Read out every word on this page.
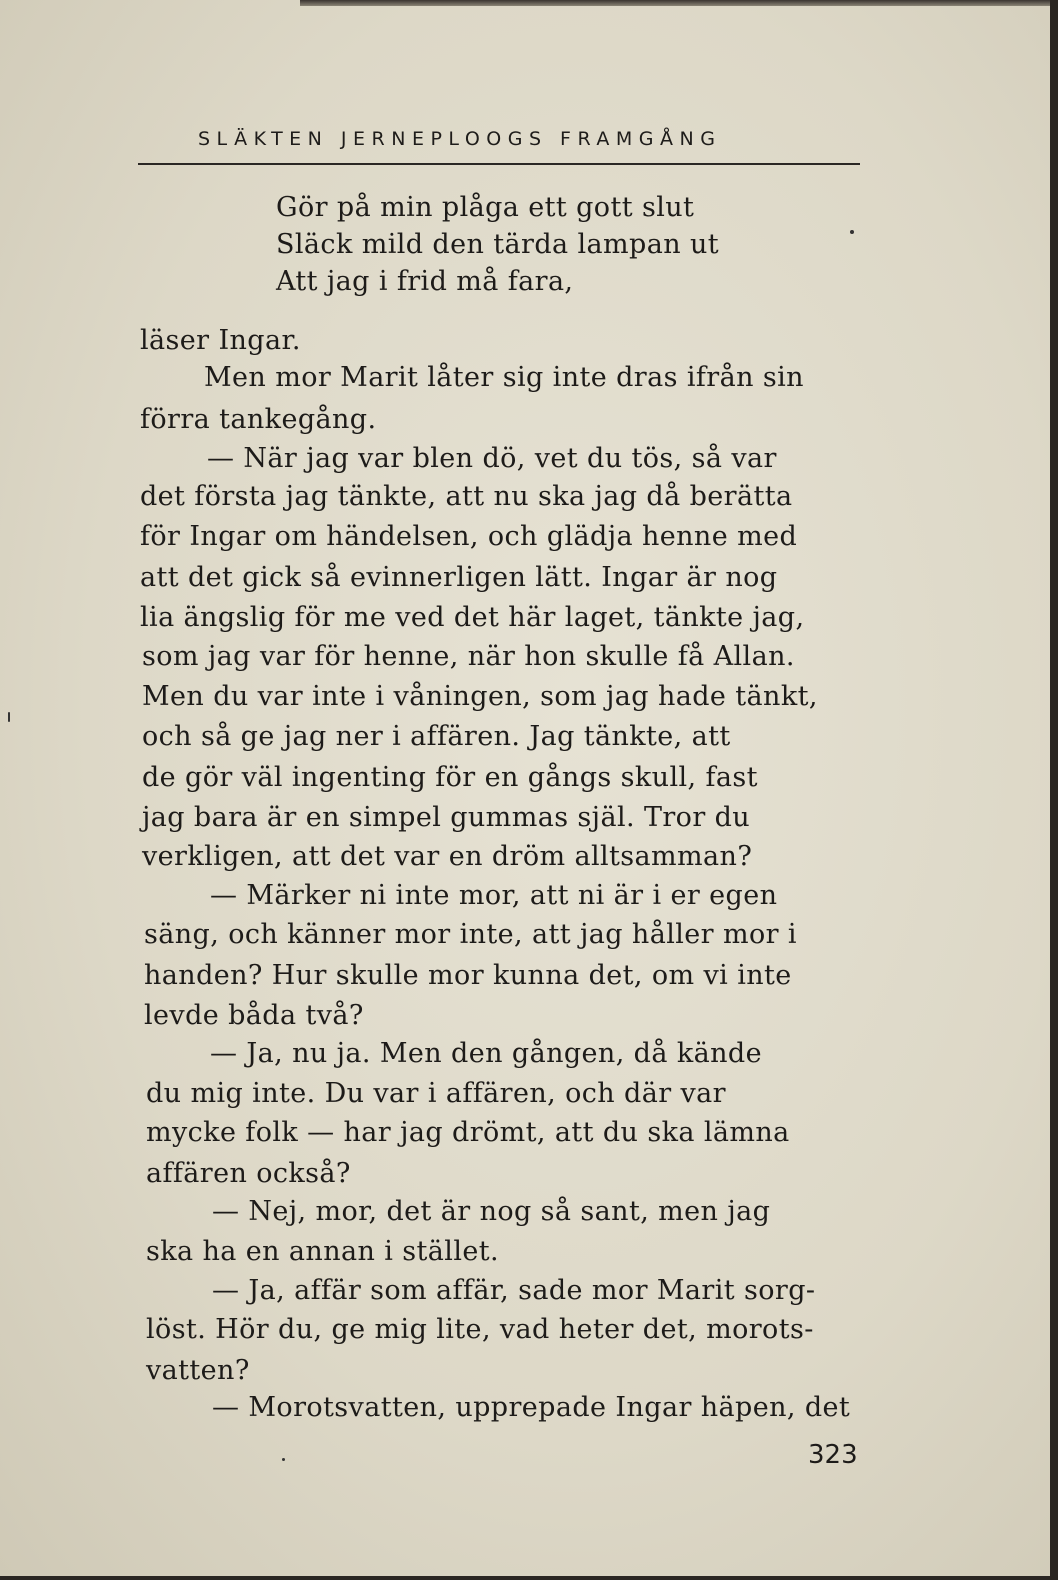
SLÄKTEN JERNEPLOOGS FRAMGÅNG
Gör på min plåga ett gott slut
Släck mild den tärda lampan ut
Att jag i frid må fara,
läser Ingar.
Men mor Marit låter sig inte dras ifrån sin
förra tankegång.
— När jag var blen dö, vet du tös, så var
det första jag tänkte, att nu ska jag då berätta
för Ingar om händelsen, och glädja henne med
att det gick så evinnerligen lätt. Ingar är nog
lia ängslig för me ved det här laget, tänkte jag,
som jag var för henne, när hon skulle få Allan.
Men du var inte i våningen, som jag hade tänkt,
och så ge jag ner i affären. Jag tänkte, att
de gör väl ingenting för en gångs skull, fast
jag bara är en simpel gummas själ. Tror du
verkligen, att det var en dröm alltsamman?
— Märker ni inte mor, att ni är i er egen
säng, och känner mor inte, att jag håller mor i
handen? Hur skulle mor kunna det, om vi inte
levde båda två?
— Ja, nu ja. Men den gången, då kände
du mig inte. Du var i affären, och där var
mycke folk — har jag drömt, att du ska lämna
affären också?
— Nej, mor, det är nog så sant, men jag
ska ha en annan i stället.
— Ja, affär som affär, sade mor Marit sorg-
löst. Hör du, ge mig lite, vad heter det, morots-
vatten?
— Morotsvatten, upprepade Ingar häpen, det
323
